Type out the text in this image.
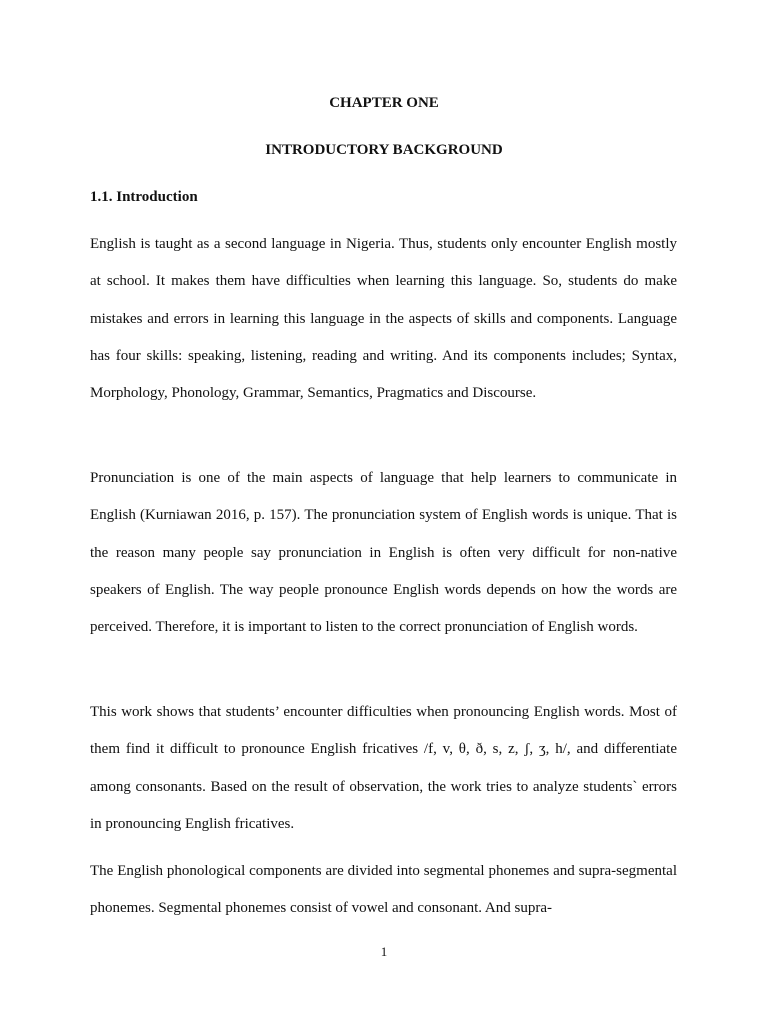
CHAPTER ONE
INTRODUCTORY BACKGROUND
1.1. Introduction

English is taught as a second language in Nigeria. Thus, students only encounter English mostly at school. It makes them have difficulties when learning this language. So, students do make mistakes and errors in learning this language in the aspects of skills and components. Language has four skills: speaking, listening, reading and writing. And its components includes; Syntax, Morphology, Phonology, Grammar, Semantics, Pragmatics and Discourse.

Pronunciation is one of the main aspects of language that help learners to communicate in English (Kurniawan 2016, p. 157). The pronunciation system of English words is unique. That is the reason many people say pronunciation in English is often very difficult for non-native speakers of English. The way people pronounce English words depends on how the words are perceived. Therefore, it is important to listen to the correct pronunciation of English words.

This work shows that students’ encounter difficulties when pronouncing English words. Most of them find it difficult to pronounce English fricatives /f, v, θ, ð, s, z, ʃ, ʒ, h/, and differentiate among consonants. Based on the result of observation, the work tries to analyze students` errors in pronouncing English fricatives.

The English phonological components are divided into segmental phonemes and supra-segmental phonemes. Segmental phonemes consist of vowel and consonant. And supra-

1
